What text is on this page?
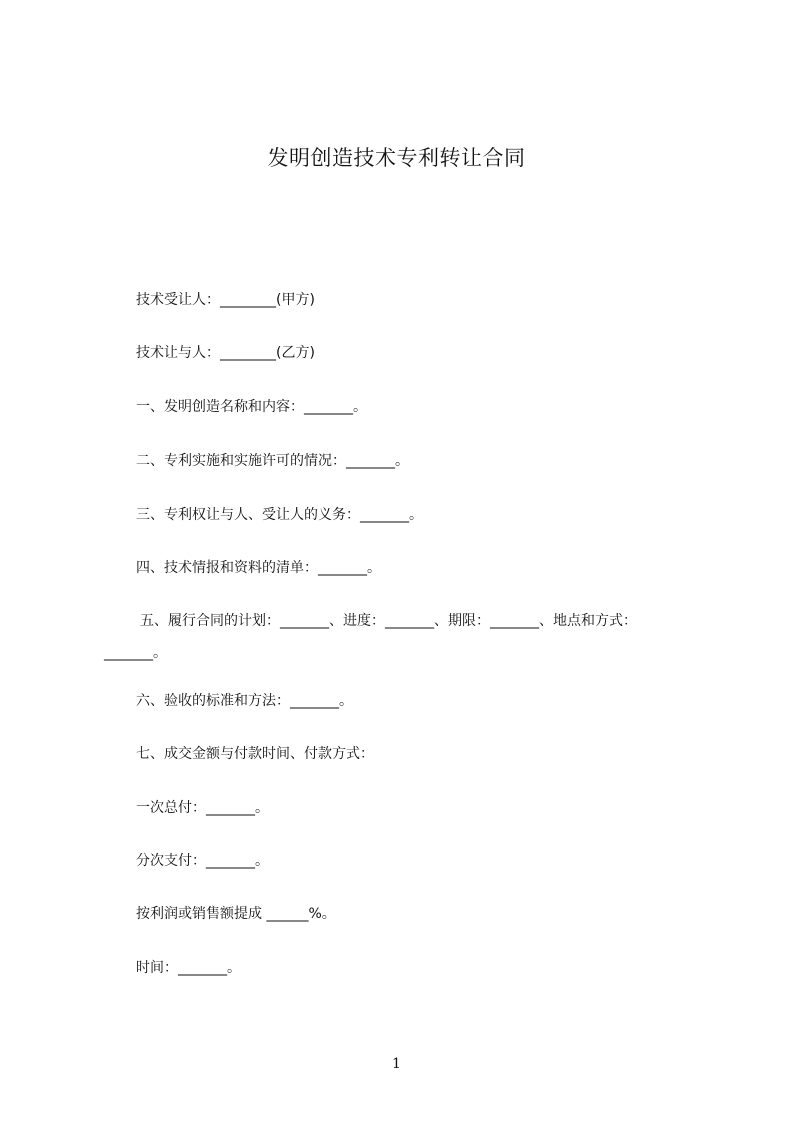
发明创造技术专利转让合同

技术受让人：________(甲方)

技术让与人：________(乙方)

一、发明创造名称和内容：_______。

二、专利实施和实施许可的情况：_______。

三、专利权让与人、受让人的义务：_______。

四、技术情报和资料的清单：_______。

五、履行合同的计划：_______、进度：_______、期限：_______、地点和方式：
_______。

六、验收的标准和方法：_______。

七、成交金额与付款时间、付款方式：

一次总付：_______。

分次支付：_______。

按利润或销售额提成 ______%。

时间：_______。

1
